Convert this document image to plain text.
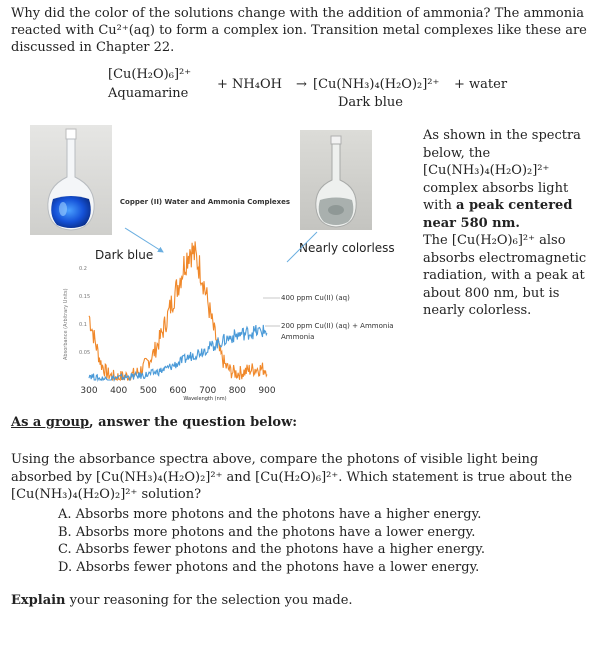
Why did the color of the solutions change with the addition of ammonia? The ammonia reacted with Cu²⁺(aq) to form a complex ion. Transition metal complexes like these are discussed in Chapter 22.
[Cu(H₂O)₆]²⁺
Aquamarine
+ NH₄OH → [Cu(NH₃)₄(H₂O)₂]²⁺ + water
Dark blue
Copper (II) Water and Ammonia Complexes
Absorbance (Arbitrary Units)
0.2
0.15
0.1
0.05
300 400 500 600 700 800 900
Wavelength (nm)
400 ppm Cu(II) (aq)
200 ppm Cu(II) (aq) + Ammonia
Ammonia
Dark blue	Nearly colorless
As shown in the spectra below, the [Cu(NH₃)₄(H₂O)₂]²⁺ complex absorbs light with a peak centered near 580 nm.
The [Cu(H₂O)₆]²⁺ also absorbs electromagnetic radiation, with a peak at about 800 nm, but is nearly colorless.
As a group, answer the question below:
Using the absorbance spectra above, compare the photons of visible light being absorbed by [Cu(NH₃)₄(H₂O)₂]²⁺ and [Cu(H₂O)₆]²⁺. Which statement is true about the [Cu(NH₃)₄(H₂O)₂]²⁺ solution?
A. Absorbs more photons and the photons have a higher energy.
B. Absorbs more photons and the photons have a lower energy.
C. Absorbs fewer photons and the photons have a higher energy.
D. Absorbs fewer photons and the photons have a lower energy.
Explain your reasoning for the selection you made.
